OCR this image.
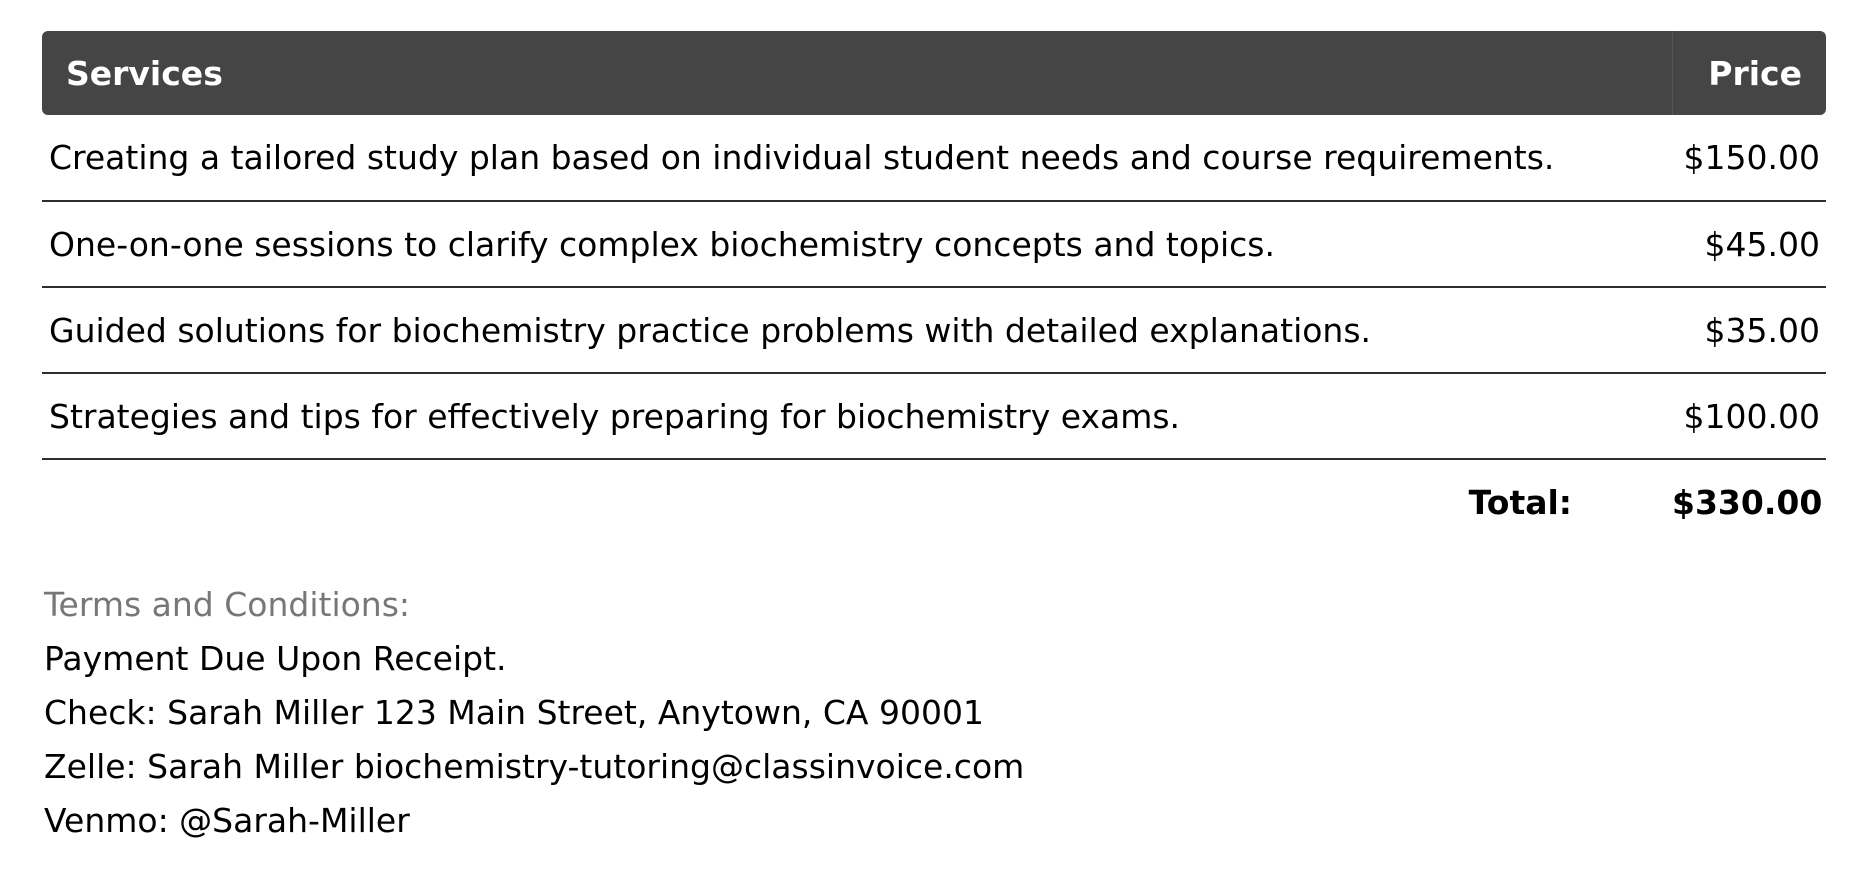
Services	Price
Creating a tailored study plan based on individual student needs and course requirements.	$150.00
One-on-one sessions to clarify complex biochemistry concepts and topics.	$45.00
Guided solutions for biochemistry practice problems with detailed explanations.	$35.00
Strategies and tips for effectively preparing for biochemistry exams.	$100.00
Total:	$330.00
Terms and Conditions:
Payment Due Upon Receipt.
Check: Sarah Miller 123 Main Street, Anytown, CA 90001
Zelle: Sarah Miller biochemistry-tutoring@classinvoice.com
Venmo: @Sarah-Miller
